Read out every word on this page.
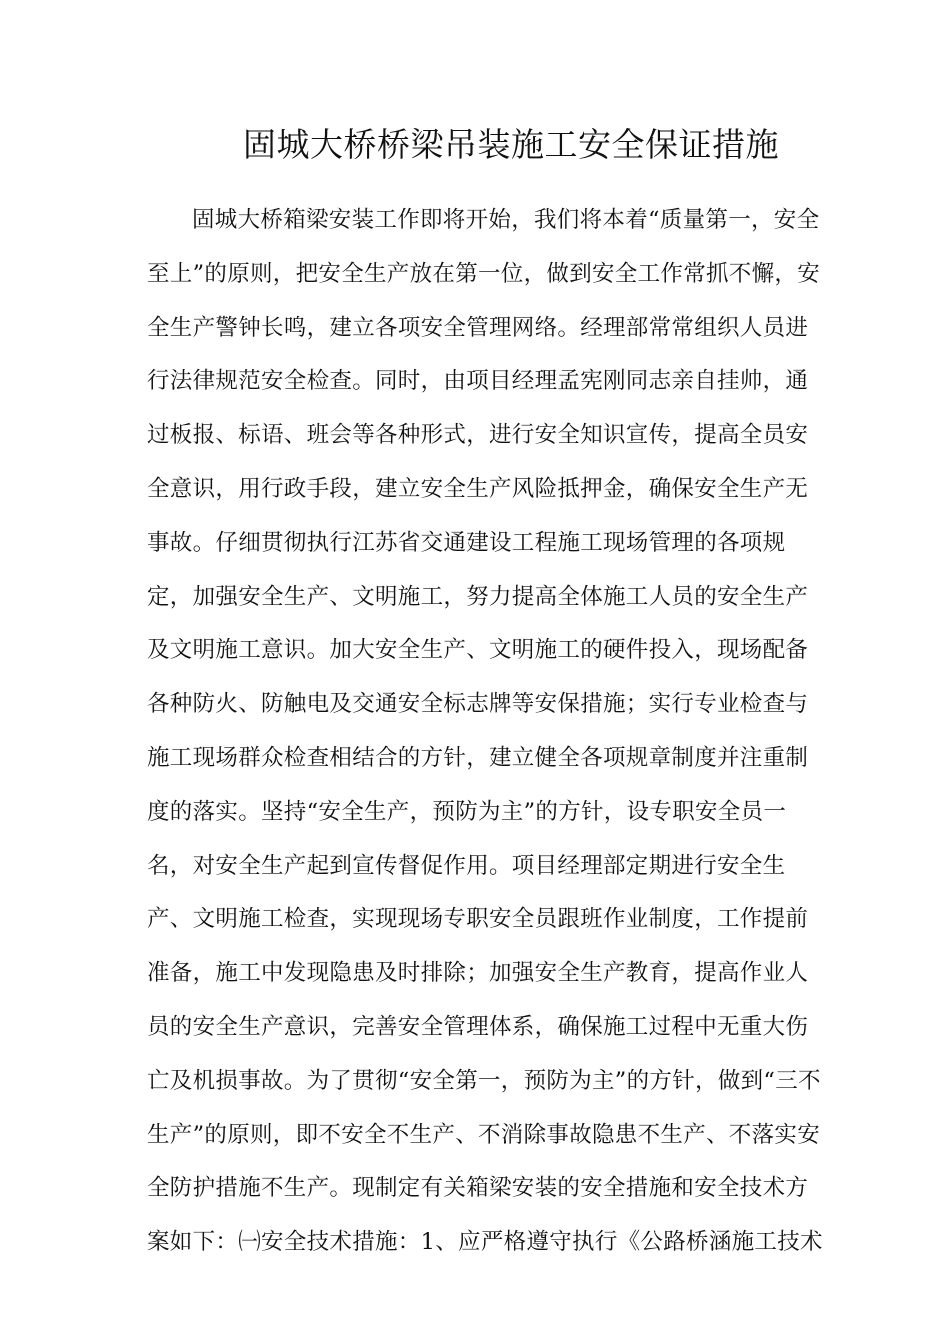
固城大桥桥梁吊装施工安全保证措施
固城大桥箱梁安装工作即将开始，我们将本着“质量第一，安全
至上”的原则，把安全生产放在第一位，做到安全工作常抓不懈，安
全生产警钟长鸣，建立各项安全管理网络。经理部常常组织人员进
行法律规范安全检查。同时，由项目经理孟宪刚同志亲自挂帅，通
过板报、标语、班会等各种形式，进行安全知识宣传，提高全员安
全意识，用行政手段，建立安全生产风险抵押金，确保安全生产无
事故。仔细贯彻执行江苏省交通建设工程施工现场管理的各项规
定，加强安全生产、文明施工，努力提高全体施工人员的安全生产
及文明施工意识。加大安全生产、文明施工的硬件投入，现场配备
各种防火、防触电及交通安全标志牌等安保措施；实行专业检查与
施工现场群众检查相结合的方针，建立健全各项规章制度并注重制
度的落实。坚持“安全生产，预防为主”的方针，设专职安全员一
名，对安全生产起到宣传督促作用。项目经理部定期进行安全生
产、文明施工检查，实现现场专职安全员跟班作业制度，工作提前
准备，施工中发现隐患及时排除；加强安全生产教育，提高作业人
员的安全生产意识，完善安全管理体系，确保施工过程中无重大伤
亡及机损事故。为了贯彻“安全第一，预防为主”的方针，做到“三不
生产”的原则，即不安全不生产、不消除事故隐患不生产、不落实安
全防护措施不生产。现制定有关箱梁安装的安全措施和安全技术方
案如下：㈠安全技术措施：1、应严格遵守执行《公路桥涵施工技术
